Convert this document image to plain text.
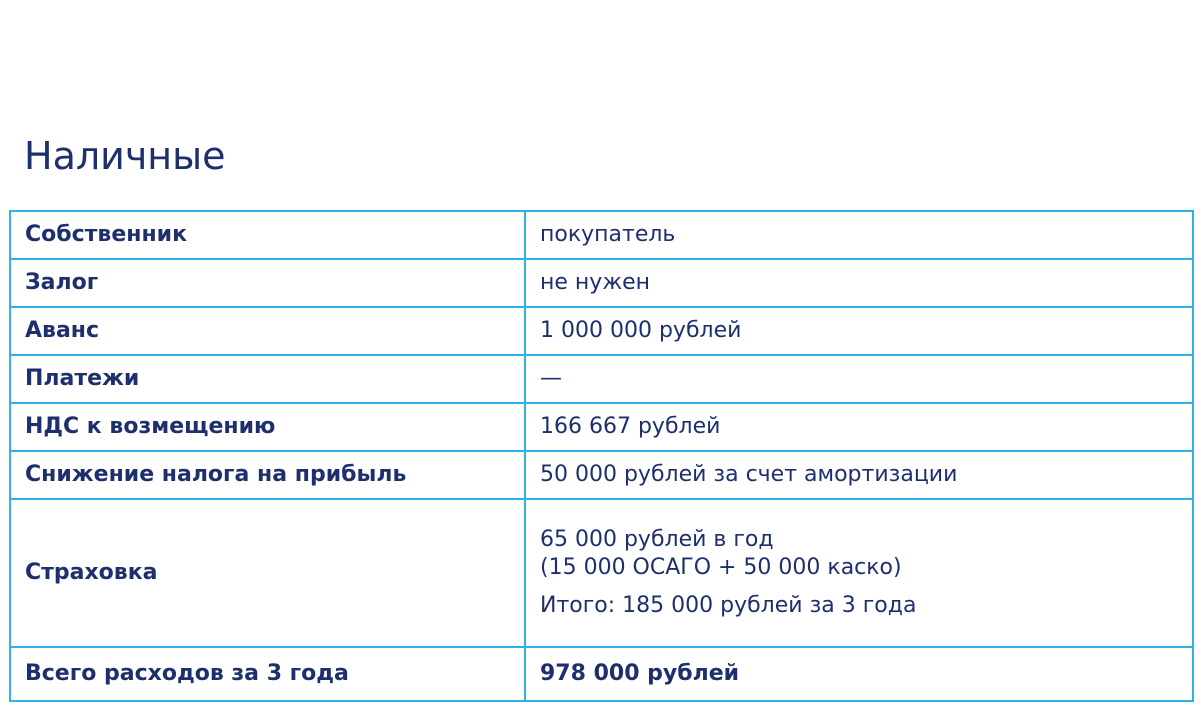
Наличные
Собственник	покупатель
Залог	не нужен
Аванс	1 000 000 рублей
Платежи	—
НДС к возмещению	166 667 рублей
Снижение налога на прибыль	50 000 рублей за счет амортизации
Страховка	65 000 рублей в год
(15 000 ОСАГО + 50 000 каско)
Итого: 185 000 рублей за 3 года

Всего расходов за 3 года	978 000 рублей
